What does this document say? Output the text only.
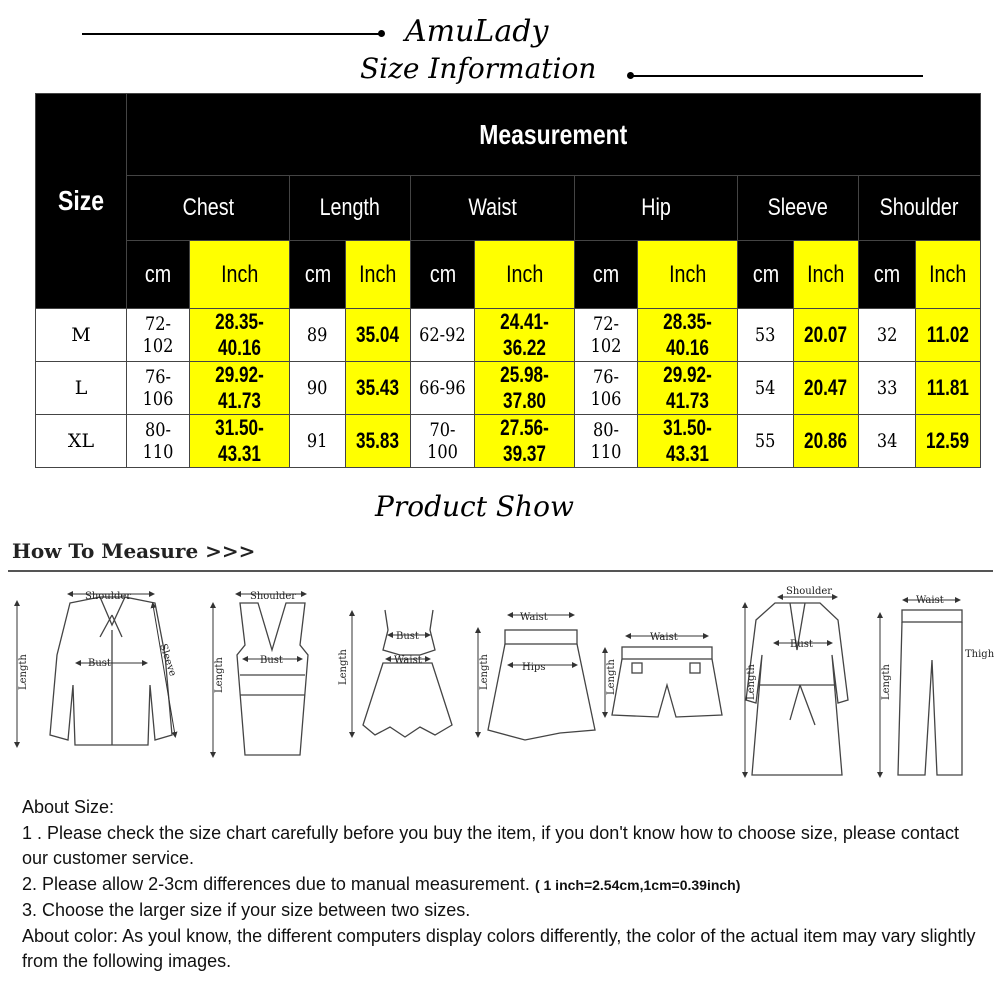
AmuLady
Size Information
Size	Measurement											
	Chest		Length		Waist		Hip		Sleeve		Shoulder	
	cm	Inch	cm	Inch	cm	Inch	cm	Inch	cm	Inch	cm	Inch
M	72-102	28.35-40.16	89	35.04	62-92	24.41-36.22	72-102	28.35-40.16	53	20.07	32	11.02
L	76-106	29.92-41.73	90	35.43	66-96	25.98-37.80	76-106	29.92-41.73	54	20.47	33	11.81
XL	80-110	31.50-43.31	91	35.83	70-100	27.56-39.37	80-110	31.50-43.31	55	20.86	34	12.59
Product Show
How To Measure >>>
Shoulder
Bust	Sleeve
Length
Shoulder
Bust
Length
Bust
Waist
Length
Waist
Hips
Length
Waist
Length
Shoulder
Bust
Length
Waist
Thigh
Length
About Size:
1 . Please check the size chart carefully before you buy the item, if you don't know how to choose size, please contact our customer service.
2. Please allow 2-3cm differences due to manual measurement. ( 1 inch=2.54cm,1cm=0.39inch)
3. Choose the larger size if your size between two sizes.
About color: As youl know, the different computers display colors differently, the color of the actual item may vary slightly from the following images.
